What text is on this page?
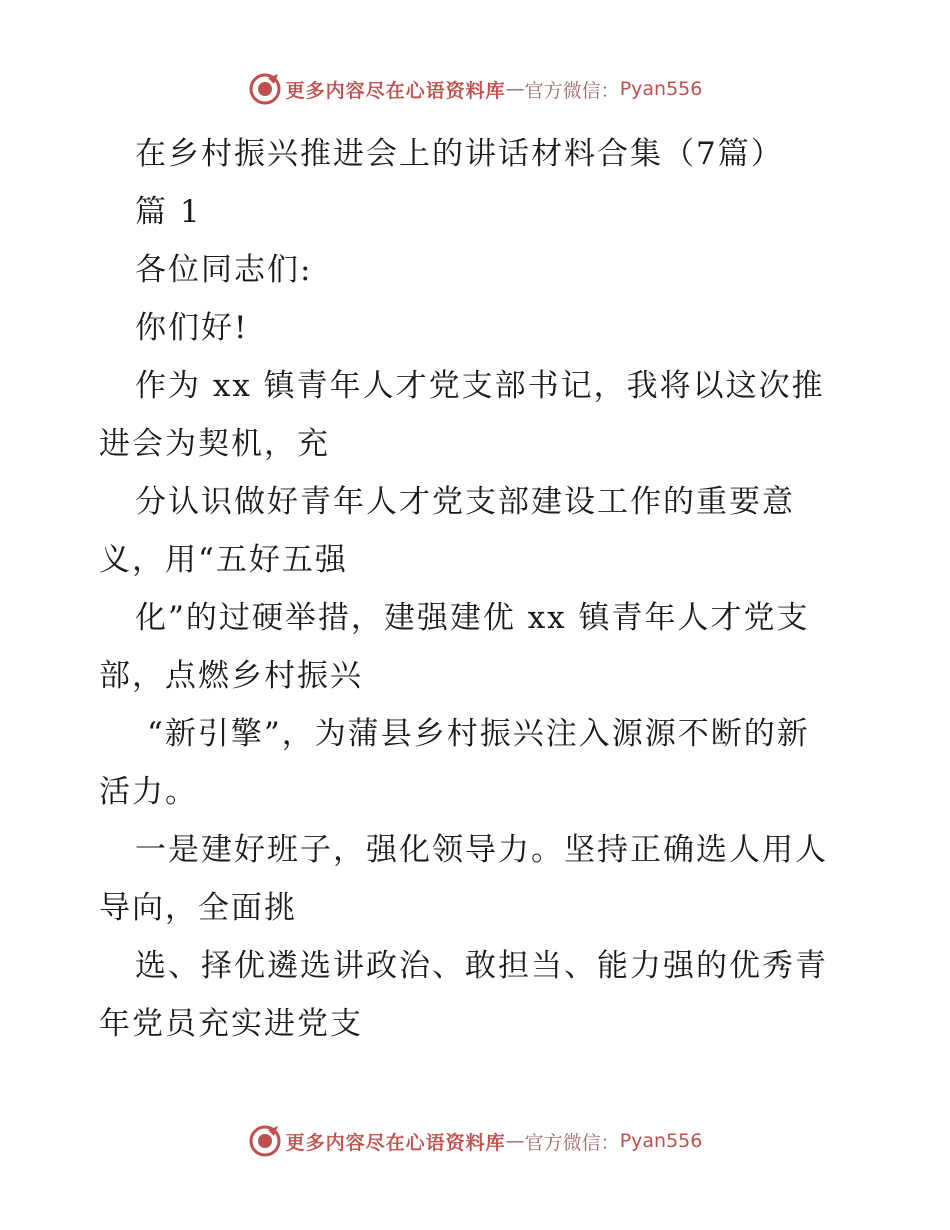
更多内容尽在心语资料库 — 官方微信： Pyan556
在乡村振兴推进会上的讲话材料合集（7篇）
篇 1
各位同志们:
你们好!
作为 xx 镇青年人才党支部书记，我将以这次推
进会为契机，充
分认识做好青年人才党支部建设工作的重要意
义，用“五好五强
化”的过硬举措，建强建优 xx 镇青年人才党支
部，点燃乡村振兴
“新引擎”，为蒲县乡村振兴注入源源不断的新
活力。
一是建好班子，强化领导力。坚持正确选人用人
导向，全面挑
选、择优遴选讲政治、敢担当、能力强的优秀青
年党员充实进党支
更多内容尽在心语资料库 — 官方微信： Pyan556
